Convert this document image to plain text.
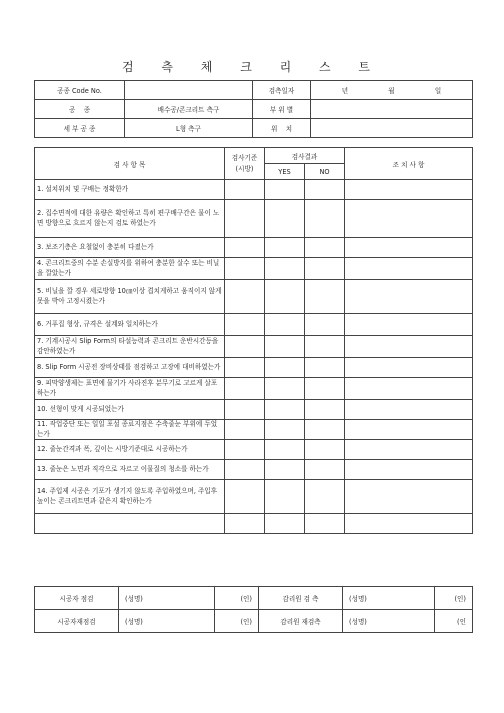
검 측 체 크 리 스 트
공종 Code No.		검측일자	년  월  일
공    종	배수공/콘크리트 측구	부 위 별	
세 부 공 종	L형 측구	위    치	
검 사 항 목	검사기준(시방)	검사결과		조 치 사 항
		YES	NO	
1. 설치위치 및 구배는 정확한가				
2. 집수면적에 대한 유량은 확인하고 특히 편구배구간은 물이 노면 방향으로 흐르지 않는지 검토 하였는가				
3. 보조기층은 요철없이 충분히 다졌는가				
4. 콘크리트중의 수분 손실방지를 위하여 충분한 살수 또는 비닐을 깔았는가				
5. 비닐을 깔 경우 세로방향 10㎝이상 겹치게하고 움직이지 않게 못을 박아 고정시켰는가				
6. 거푸집 형상, 규격은 설계와 일치하는가				
7. 기계시공시 Slip Form의 타설능력과 콘크리트 운반시간등을 감안하였는가				
8. Slip Form 시공전 장비상태를 점검하고 고장에 대비하였는가				
9. 피막양생제는 표면에 물기가 사라진후 분무기로 고르게 살포하는가				
10. 선형이 맞게 시공되었는가				
11. 작업중단 또는 일일 포설 종료지점은 수축줄눈 부위에 두었는가				
12. 줄눈간격과 폭, 깊이는 시방기준대로 시공하는가				
13. 줄눈은 노면과 직각으로 자르고 이물질의 청소를 하는가				
14. 주입제 시공은 기포가 생기지 않도록 주입하였으며, 주입후 높이는 콘크리트면과 같은지 확인하는가				

시공자 점검	(성명)	(인)	감리원 검 측	(성명)	(인)
시공자재점검	(성명)	(인)	감리원 재검측	(성명)	(인
